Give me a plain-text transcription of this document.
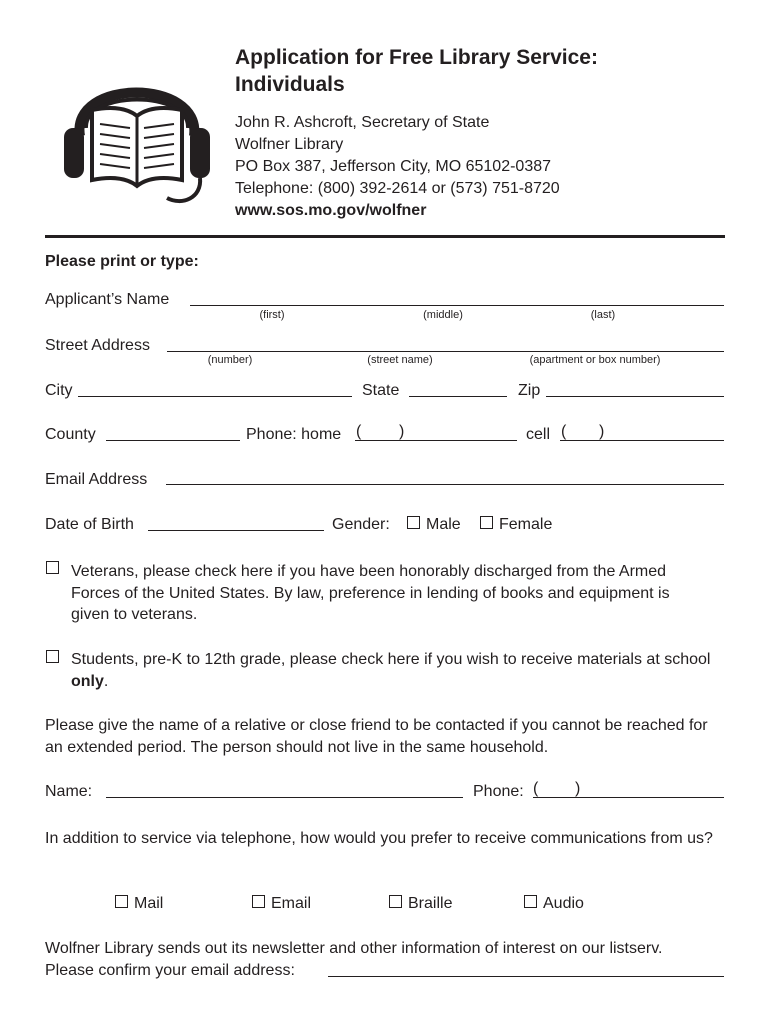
Application for Free Library Service:
Individuals
John R. Ashcroft, Secretary of State
Wolfner Library
PO Box 387, Jefferson City, MO 65102-0387
Telephone: (800) 392-2614 or (573) 751-8720
www.sos.mo.gov/wolfner
Please print or type:
Applicant’s Name
(first)	(middle)	(last)
Street Address
(number)	(street name)	(apartment or box number)
City	State	Zip
County	Phone: home ( )	cell ( )
Email Address
Date of Birth	Gender:	Male	Female
Veterans, please check here if you have been honorably discharged from the Armed Forces of the United States. By law, preference in lending of books and equipment is given to veterans.
Students, pre-K to 12th grade, please check here if you wish to receive materials at school only.
Please give the name of a relative or close friend to be contacted if you cannot be reached for an extended period. The person should not live in the same household.
Name:	Phone: ( )
In addition to service via telephone, how would you prefer to receive communications from us?
Mail	Email	Braille	Audio
Wolfner Library sends out its newsletter and other information of interest on our listserv.
Please confirm your email address:
